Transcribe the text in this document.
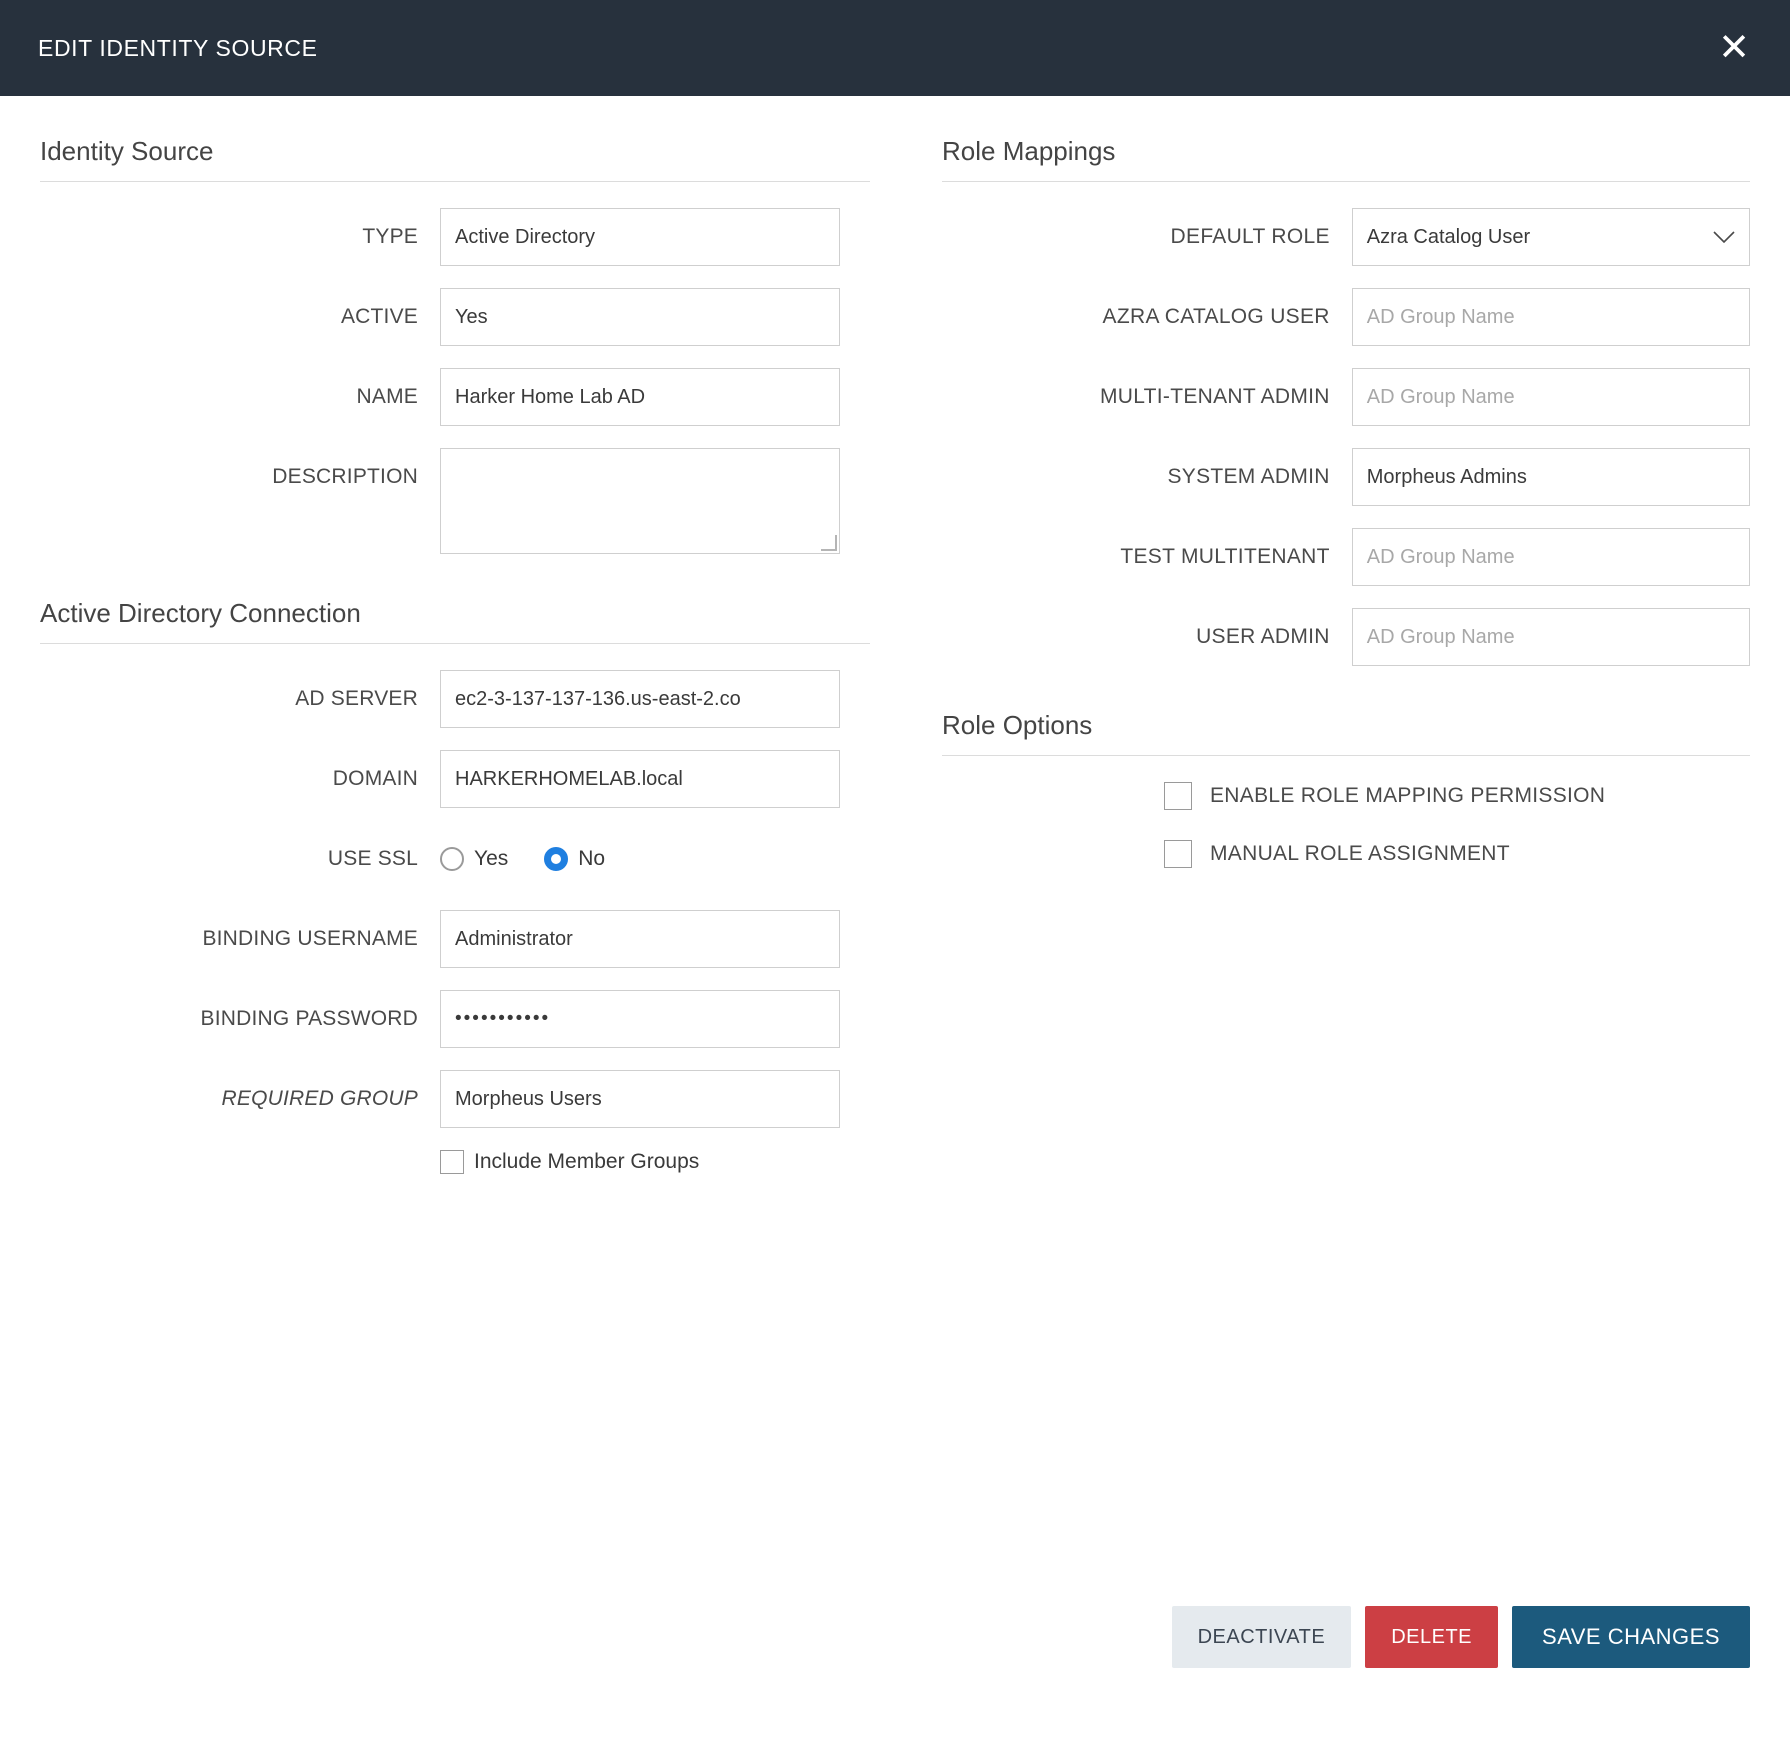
EDIT IDENTITY SOURCE	✕
Identity Source
TYPE	Active Directory
ACTIVE	Yes
NAME	Harker Home Lab AD
DESCRIPTION
Active Directory Connection
AD SERVER	ec2-3-137-137-136.us-east-2.co
DOMAIN	HARKERHOMELAB.local
USE SSL	Yes	No
BINDING USERNAME	Administrator
BINDING PASSWORD	•••••••••••
REQUIRED GROUP	Morpheus Users
Include Member Groups
Role Mappings
DEFAULT ROLE	Azra Catalog User
AZRA CATALOG USER	AD Group Name
MULTI-TENANT ADMIN	AD Group Name
SYSTEM ADMIN	Morpheus Admins
TEST MULTITENANT	AD Group Name
USER ADMIN	AD Group Name
Role Options
ENABLE ROLE MAPPING PERMISSION
MANUAL ROLE ASSIGNMENT
DEACTIVATE	DELETE	SAVE CHANGES
